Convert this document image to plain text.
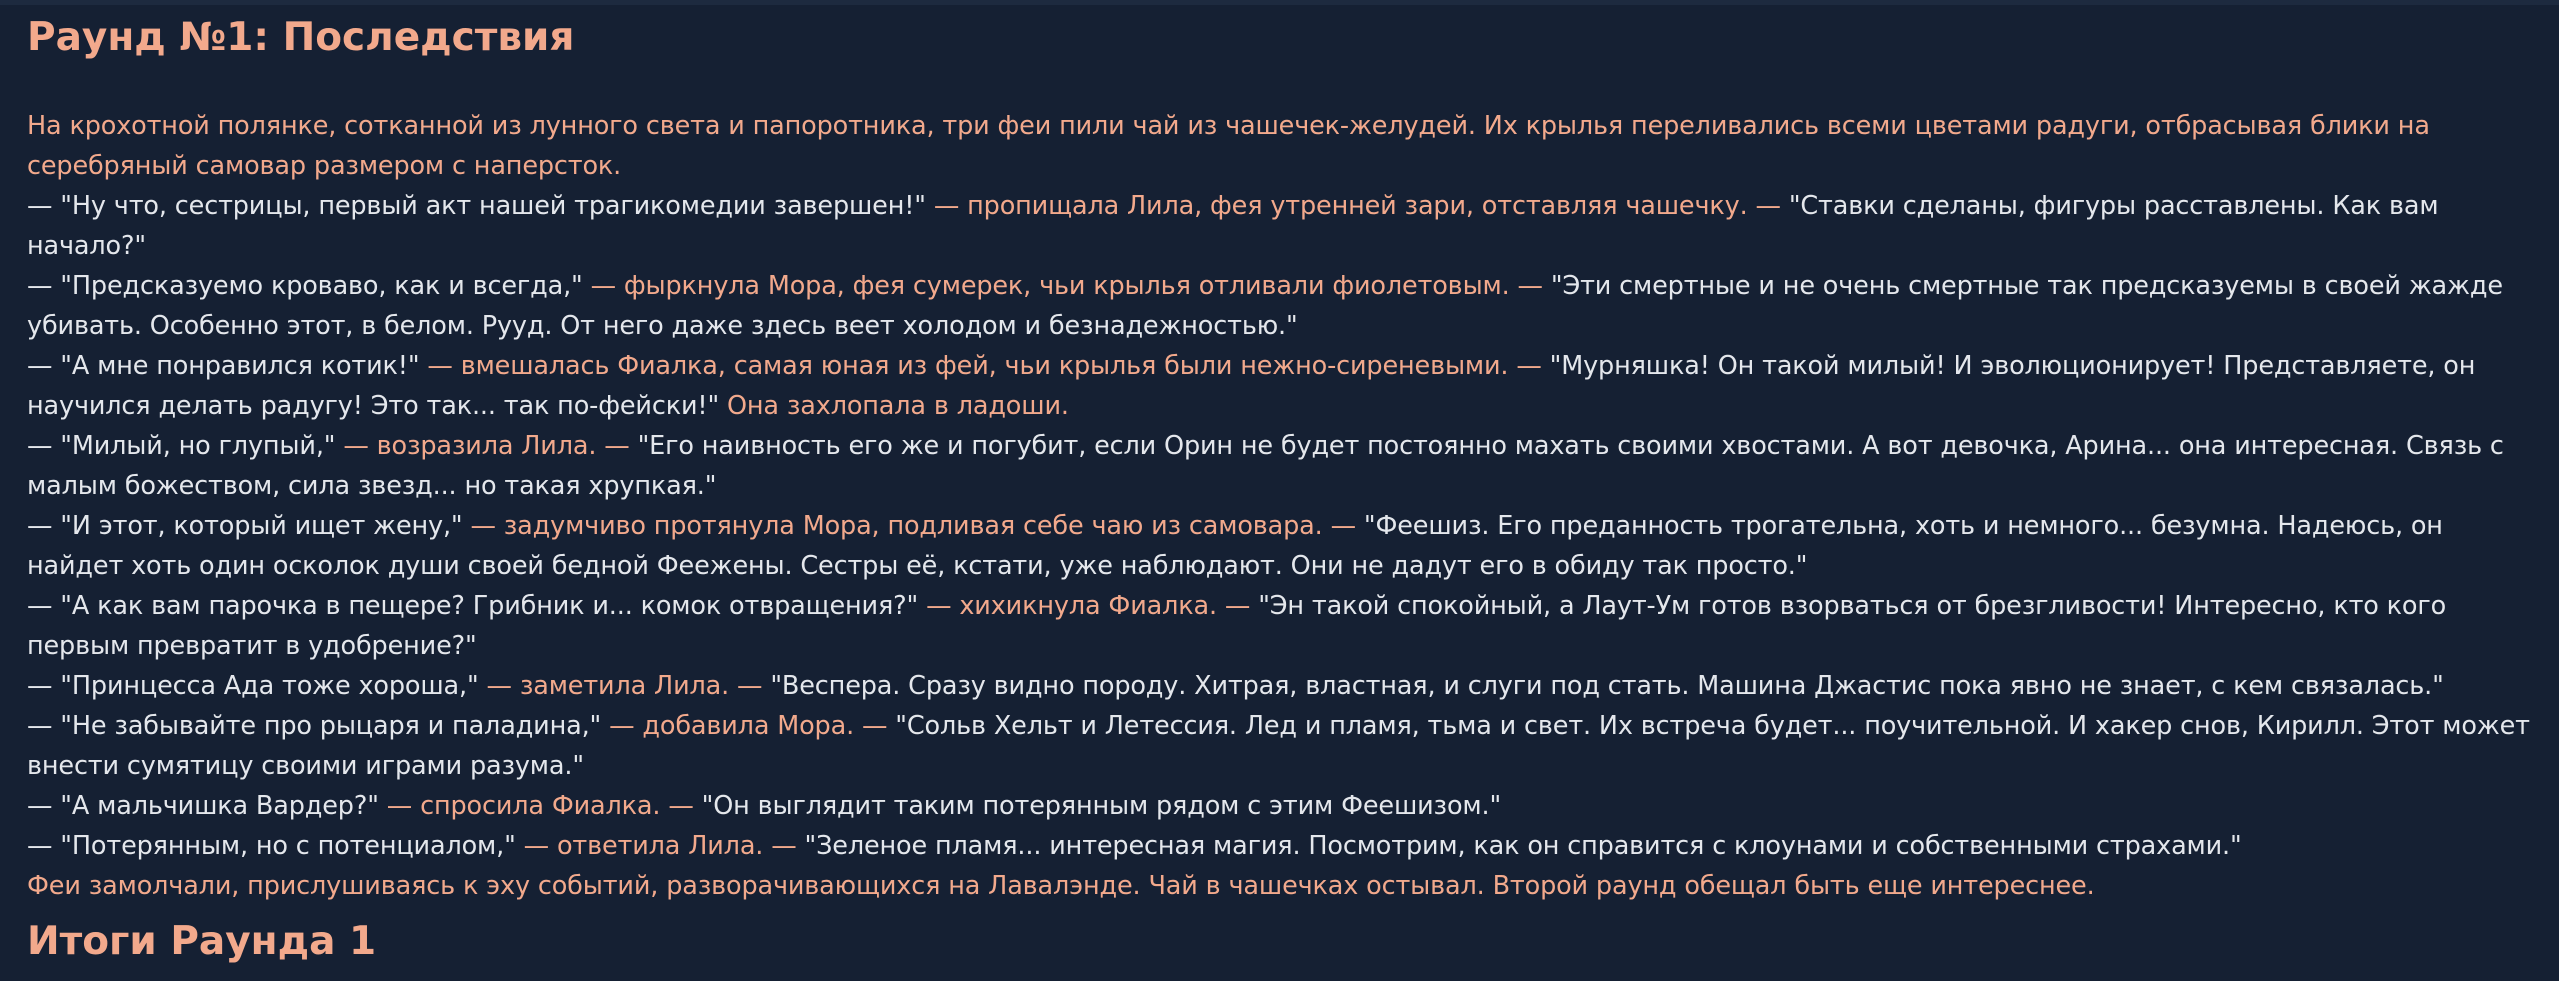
Раунд №1: Последствия

На крохотной полянке, сотканной из лунного света и папоротника, три феи пили чай из чашечек-желудей. Их крылья переливались всеми цветами радуги, отбрасывая блики на серебряный самовар размером с наперсток.

— "Ну что, сестрицы, первый акт нашей трагикомедии завершен!" — пропищала Лила, фея утренней зари, отставляя чашечку. — "Ставки сделаны, фигуры расставлены. Как вам начало?"

— "Предсказуемо кроваво, как и всегда," — фыркнула Мора, фея сумерек, чьи крылья отливали фиолетовым. — "Эти смертные и не очень смертные так предсказуемы в своей жажде убивать. Особенно этот, в белом. Рууд. От него даже здесь веет холодом и безнадежностью."

— "А мне понравился котик!" — вмешалась Фиалка, самая юная из фей, чьи крылья были нежно-сиреневыми. — "Мурняшка! Он такой милый! И эволюционирует! Представляете, он научился делать радугу! Это так... так по-фейски!" Она захлопала в ладоши.

— "Милый, но глупый," — возразила Лила. — "Его наивность его же и погубит, если Орин не будет постоянно махать своими хвостами. А вот девочка, Арина... она интересная. Связь с малым божеством, сила звезд... но такая хрупкая."

— "И этот, который ищет жену," — задумчиво протянула Мора, подливая себе чаю из самовара. — "Феешиз. Его преданность трогательна, хоть и немного... безумна. Надеюсь, он найдет хоть один осколок души своей бедной Феежены. Сестры её, кстати, уже наблюдают. Они не дадут его в обиду так просто."

— "А как вам парочка в пещере? Грибник и... комок отвращения?" — хихикнула Фиалка. — "Эн такой спокойный, а Лаут-Ум готов взорваться от брезгливости! Интересно, кто кого первым превратит в удобрение?"

— "Принцесса Ада тоже хороша," — заметила Лила. — "Веспера. Сразу видно породу. Хитрая, властная, и слуги под стать. Машина Джастис пока явно не знает, с кем связалась."

— "Не забывайте про рыцаря и паладина," — добавила Мора. — "Сольв Хельт и Летессия. Лед и пламя, тьма и свет. Их встреча будет... поучительной. И хакер снов, Кирилл. Этот может внести сумятицу своими играми разума."

— "А мальчишка Вардер?" — спросила Фиалка. — "Он выглядит таким потерянным рядом с этим Феешизом."

— "Потерянным, но с потенциалом," — ответила Лила. — "Зеленое пламя... интересная магия. Посмотрим, как он справится с клоунами и собственными страхами."

Феи замолчали, прислушиваясь к эху событий, разворачивающихся на Лавалэнде. Чай в чашечках остывал. Второй раунд обещал быть еще интереснее.

Итоги Раунда 1
